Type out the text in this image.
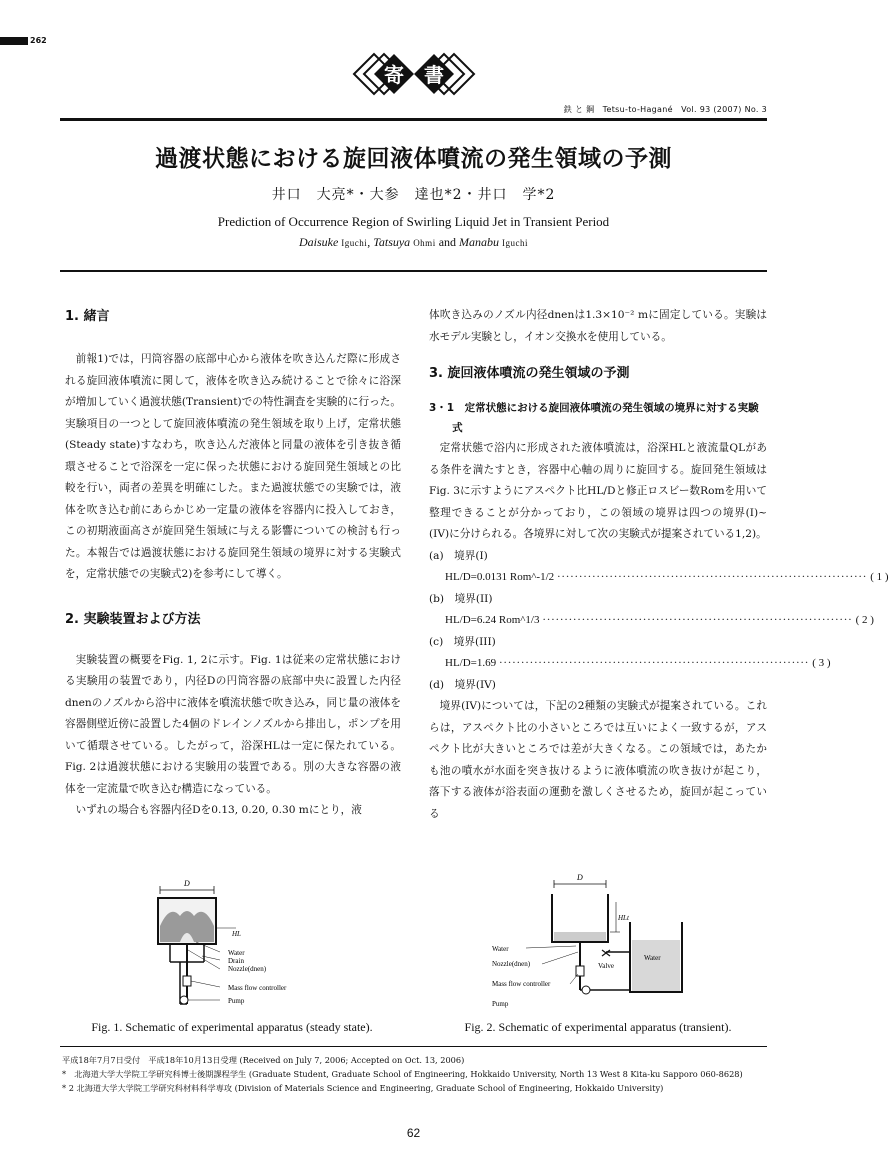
262
寄 書
鉄 と 鋼　Tetsu-to-Hagané　Vol. 93 (2007) No. 3
過渡状態における旋回液体噴流の発生領域の予測
井口　大亮*・大参　達也*2・井口　学*2
Prediction of Occurrence Region of Swirling Liquid Jet in Transient Period
Daisuke Iguchi, Tatsuya Ohmi and Manabu Iguchi

1. 緒言

前報1)では，円筒容器の底部中心から液体を吹き込んだ際に形成される旋回液体噴流に関して，液体を吹き込み続けることで徐々に浴深が増加していく過渡状態(Transient)での特性調査を実験的に行った。実験項目の一つとして旋回液体噴流の発生領域を取り上げ，定常状態(Steady state)すなわち，吹き込んだ液体と同量の液体を引き抜き循環させることで浴深を一定に保った状態における旋回発生領域との比較を行い，両者の差異を明確にした。また過渡状態での実験では，液体を吹き込む前にあらかじめ一定量の液体を容器内に投入しておき，この初期液面高さが旋回発生領域に与える影響についての検討も行った。本報告では過渡状態における旋回発生領域の境界に対する実験式を，定常状態での実験式2)を参考にして導く。

2. 実験装置および方法

実験装置の概要をFig. 1, 2に示す。Fig. 1は従来の定常状態における実験用の装置であり，内径Dの円筒容器の底部中央に設置した内径dnenのノズルから浴中に液体を噴流状態で吹き込み，同じ量の液体を容器側壁近傍に設置した4個のドレインノズルから排出し，ポンプを用いて循環させている。したがって，浴深HLは一定に保たれている。Fig. 2は過渡状態における実験用の装置である。別の大きな容器の液体を一定流量で吹き込む構造になっている。

いずれの場合も容器内径Dを0.13, 0.20, 0.30 mにとり，液

体吹き込みのノズル内径dnenは1.3×10⁻² mに固定している。実験は水モデル実験とし，イオン交換水を使用している。

3. 旋回液体噴流の発生領域の予測

3・1　定常状態における旋回液体噴流の発生領域の境界に対する実験式

定常状態で浴内に形成された液体噴流は，浴深HLと液流量QLがある条件を満たすとき，容器中心軸の周りに旋回する。旋回発生領域はFig. 3に示すようにアスペクト比HL/Dと修正ロスビー数Romを用いて整理できることが分かっており，この領域の境界は四つの境界(I)~(IV)に分けられる。各境界に対して次の実験式が提案されている1,2)。

(a)　境界(I)

HL/D=0.0131 Rom^-1/2 ······································································· ( 1 )

(b)　境界(II)

HL/D=6.24 Rom^1/3 ······································································· ( 2 )

(c)　境界(III)

HL/D=1.69 ······································································· ( 3 )

(d)　境界(IV)

境界(IV)については，下記の2種類の実験式が提案されている。これらは，アスペクト比の小さいところでは互いによく一致するが，アスペクト比が大きいところでは差が大きくなる。この領域では，あたかも池の噴水が水面を突き抜けるように液体噴流の吹き抜けが起こり，落下する液体が浴表面の運動を激しくさせるため，旋回が起こっている

D
HL
Water
Drain
Nozzle(dnen)
Mass flow controller
Pump
Fig. 1. Schematic of experimental apparatus (steady state).
D
HLt
Water
Water
Nozzle(dnen)	Valve
Mass flow controller
Pump
Fig. 2. Schematic of experimental apparatus (transient).
平成18年7月7日受付　平成18年10月13日受理 (Received on July 7, 2006; Accepted on Oct. 13, 2006)
*　北海道大学大学院工学研究科博士後期課程学生 (Graduate Student, Graduate School of Engineering, Hokkaido University, North 13 West 8 Kita-ku Sapporo 060-8628)
* 2 北海道大学大学院工学研究科材料科学専攻 (Division of Materials Science and Engineering, Graduate School of Engineering, Hokkaido University)
62
